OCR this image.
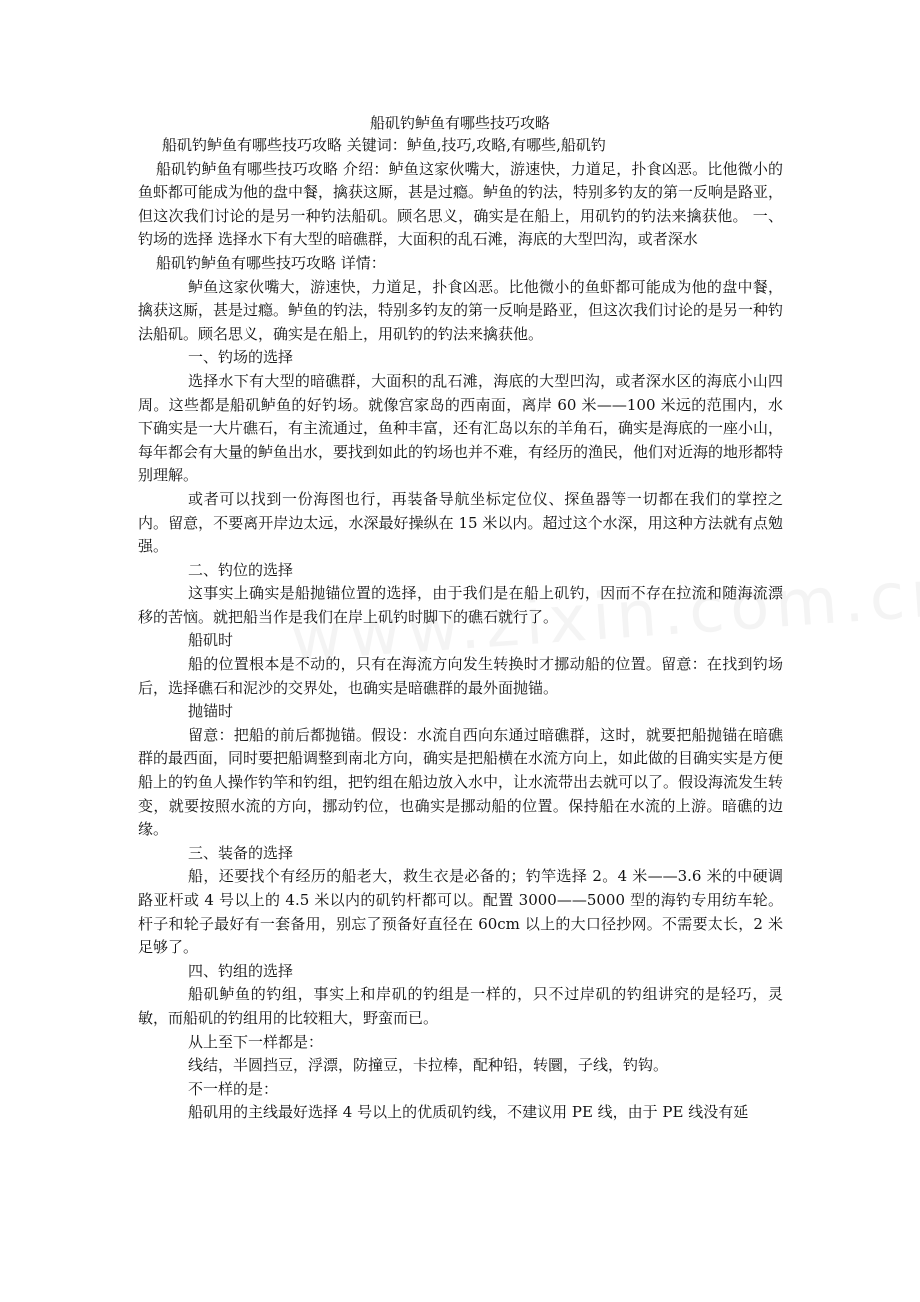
船矶钓鲈鱼有哪些技巧攻略

船矶钓鲈鱼有哪些技巧攻略 关键词：鲈鱼,技巧,攻略,有哪些,船矶钓

船矶钓鲈鱼有哪些技巧攻略 介绍：鲈鱼这家伙嘴大，游速快，力道足，扑食凶恶。比他微小的鱼虾都可能成为他的盘中餐，擒获这厮，甚是过瘾。鲈鱼的钓法，特别多钓友的第一反响是路亚，但这次我们讨论的是另一种钓法船矶。顾名思义，确实是在船上，用矶钓的钓法来擒获他。 一、钓场的选择 选择水下有大型的暗礁群，大面积的乱石滩，海底的大型凹沟，或者深水

船矶钓鲈鱼有哪些技巧攻略 详情：

鲈鱼这家伙嘴大，游速快，力道足，扑食凶恶。比他微小的鱼虾都可能成为他的盘中餐，擒获这厮，甚是过瘾。鲈鱼的钓法，特别多钓友的第一反响是路亚，但这次我们讨论的是另一种钓法船矶。顾名思义，确实是在船上，用矶钓的钓法来擒获他。

一、钓场的选择

选择水下有大型的暗礁群，大面积的乱石滩，海底的大型凹沟，或者深水区的海底小山四周。这些都是船矶鲈鱼的好钓场。就像宫家岛的西南面，离岸 60 米——100 米远的范围内，水下确实是一大片礁石，有主流通过，鱼种丰富，还有汇岛以东的羊角石，确实是海底的一座小山，每年都会有大量的鲈鱼出水，要找到如此的钓场也并不难，有经历的渔民，他们对近海的地形都特别理解。

或者可以找到一份海图也行，再装备导航坐标定位仪、探鱼器等一切都在我们的掌控之内。留意，不要离开岸边太远，水深最好操纵在 15 米以内。超过这个水深，用这种方法就有点勉强。

二、钓位的选择

这事实上确实是船抛锚位置的选择，由于我们是在船上矶钓，因而不存在拉流和随海流漂移的苦恼。就把船当作是我们在岸上矶钓时脚下的礁石就行了。

船矶时

船的位置根本是不动的，只有在海流方向发生转换时才挪动船的位置。留意：在找到钓场后，选择礁石和泥沙的交界处，也确实是暗礁群的最外面抛锚。

抛锚时

留意：把船的前后都抛锚。假设：水流自西向东通过暗礁群，这时，就要把船抛锚在暗礁群的最西面，同时要把船调整到南北方向，确实是把船横在水流方向上，如此做的目确实实是方便船上的钓鱼人操作钓竿和钓组，把钓组在船边放入水中，让水流带出去就可以了。假设海流发生转变，就要按照水流的方向，挪动钓位，也确实是挪动船的位置。保持船在水流的上游。暗礁的边缘。

三、装备的选择

船，还要找个有经历的船老大，救生衣是必备的；钓竿选择 2。4 米——3.6 米的中硬调路亚杆或 4 号以上的 4.5 米以内的矶钓杆都可以。配置 3000——5000 型的海钓专用纺车轮。杆子和轮子最好有一套备用，别忘了预备好直径在 60cm 以上的大口径抄网。不需要太长，2 米足够了。

四、钓组的选择

船矶鲈鱼的钓组，事实上和岸矶的钓组是一样的，只不过岸矶的钓组讲究的是轻巧，灵敏，而船矶的钓组用的比较粗大，野蛮而已。

从上至下一样都是：

线结，半圆挡豆，浮漂，防撞豆，卡拉棒，配种铅，转圜，子线，钓钩。

不一样的是：

船矶用的主线最好选择 4 号以上的优质矶钓线，不建议用 PE 线，由于 PE 线没有延
